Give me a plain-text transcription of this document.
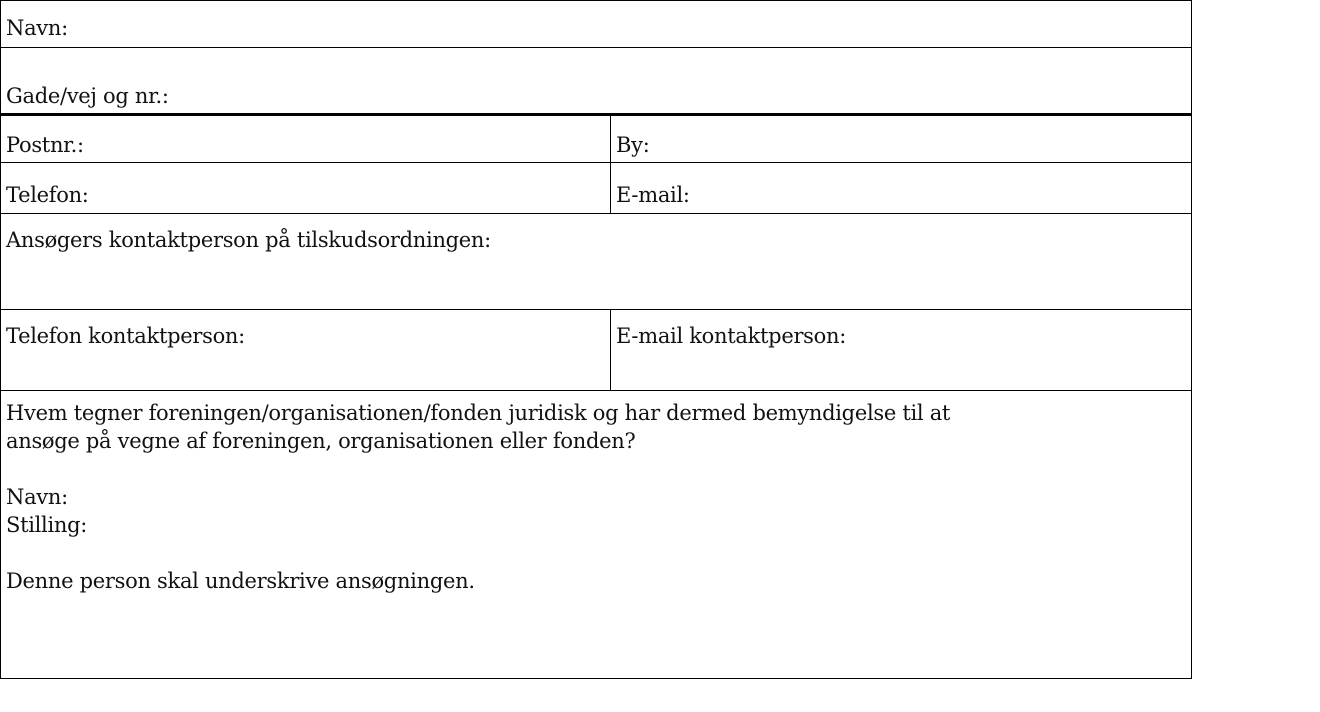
Navn:
Gade/vej og nr.:
Postnr.:	By:
Telefon:	E-mail:
Ansøgers kontaktperson på tilskudsordningen:
Telefon kontaktperson:	E-mail kontaktperson:
Hvem tegner foreningen/organisationen/fonden juridisk og har dermed bemyndigelse til at
ansøge på vegne af foreningen, organisationen eller fonden?
Navn:
Stilling:
Denne person skal underskrive ansøgningen.
